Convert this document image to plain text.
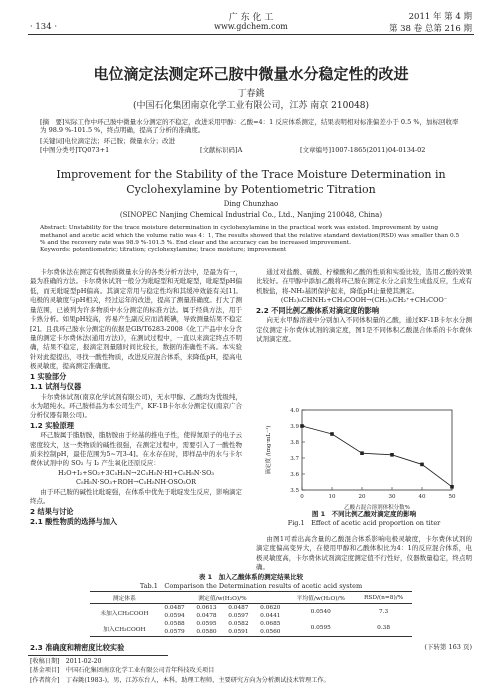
广 东 化 工
www.gdchem.com
· 134 ·
2011 年 第 4 期
第 38 卷 总第 216 期
电位滴定法测定环己胺中微量水分稳定性的改进
丁春銚
(中国石化集团南京化学工业有限公司，江苏 南京 210048)
[摘　要]实际工作中环己胺中微量水分测定的不稳定，改进采用甲醇：乙酸=4：1 反应体系测定，结果表明相对标准偏差小于 0.5 %，加标回收率为 98.9 %-101.5 %，终点明确，提高了分析的准确度。
[关键词]电位滴定法；环己胺；微量水分；改进
[中图分类号]TQ073+1	[文献标识码]A	[文章编号]1007-1865(2011)04-0134-02
Improvement for the Stability of the Trace Moisture Determination in Cyclohexylamine by Potentiometric Titration
Ding Chunzhao
(SINOPEC Nanjing Chemical Industrial Co., Ltd., Nanjing 210048, China)
Abstract: Unstability for the trace moisture determination in cyclohexylamine in the practical work was existed. Improvement by using methanol and acetic acid which the volume ratio was 4：1, The results showed that the relative standard deviation(RSD) was smaller than 0.5 % and the recovery rate was 98.9 %-101.5 %. End clear and the accuracy can be increased improvement.
Keywords: potentiometric; titration; cyclohexylamine; trace moisture; improvement

卡尔费休法在测定有机物质微量水分的各类分析方法中，是最为有一，最为准确的方法。卡尔费休试剂一般分为吡啶型和无吡啶型，吡啶型pH偏低，而无吡啶型pH偏高。其滴定常用与稳定性均和其缓冲效能有关[1]。电极的灵敏度与pH相关，经过运年的改进，提高了测量准确度。打大了测量范围，已被列为许多物质中水分测定的标准方法。属于经典方法，用于卡熟分析。如果pH较高，容易产生副反应而消耗碘，导致测量结果不稳定[2]。且我环己胺水分测定的依据是GB/T6283-2008《化工产品中水分含量的测定卡尔费休法(通用方法)》，在测试过程中，一直以来滴定终点不明确，结果不稳定，报滴定剂量随时间比较长，数据的准确性不高。本实验针对此提提出，寻找一酸性物质，改进反应混合体系，来降低pH，提高电极灵敏度，提高测定准确度。

1 实验部分

1.1 试剂与仪器

卡尔费休试剂(南京化学试剂有限公司)，无水甲醇、乙酸均为优级纯，水为超纯水。环己胺样品为本公司生产，KF-1B卡尔水分测定仪(南京广合分析仪器有限公司)。

1.2 实验原理

环己胺属于脂肪胺，脂肪胺由于烃基的推电子性，使得氮原子的电子云密度较大，这一类物质的碱性很强，在测定过程中，需要引入了一酸性物质来控制pH，最佳范围为5~7[3-4]。在水存在时，即样品中的水与卡尔费休试剂中的 SO₂ 与 I₂ 产生氧化还原反应：

H₂O+I₂+SO₂+3C₅H₅N→2C₅H₅N·HI+C₅H₅N·SO₃

C₅H₅N·SO₃+ROH→C₅H₅NH·OSO₂OR

由于环己胺的碱性比吡啶强，在体系中优先于吡啶发生反应，影响滴定终点。

2 结果与讨论

2.1 酸性物质的选择与加入

通过对盐酸、硫酸、柠檬酸和乙酸的性质和实验比较，选用乙酸的效果比较好。在甲醇中添加乙酸将环己胺在测定水分之前发生成盐反应，生成有机胺盐，将-NH₂基团保护起来，降低pH止量使其测定。

(CH₂)₅CHNH₂+CH₃COOH→(CH₂)₅CH₂⁺+CH₃COO⁻

2.2 不同比例乙酸体系对滴定度的影响

向无水甲醇溶液中分别加入不同体积量的乙酸，通过KF-1B卡尔水分测定仪测定卡尔费休试剂的滴定度，图1是不同体积乙酸混合体系的卡尔费休试剂滴定度。

4.0
3.9
3.8
3.7
3.6
3.5
0	10	20	30	40	50
乙酸占混合溶剂体积分数%
滴定度 /(mg·mL⁻¹)
图 1　不同比例乙酸对滴定度的影响
Fig.1　Effect of acetic acid proportion on titer

由图1可看出高含量的乙酸混合体系影响电极灵敏度，卡尔费休试剂的滴定度偏高变异大，在使用甲醇和乙酸体积比为4：1的反应混合体系，电极灵敏度高，卡尔费休试剂滴定度测定值不行性好，仪器数量稳定，终点明确。

表 1　加入乙酸体系的测定结果比较
Tab.1　Comparison the Determination results of acetic acid system
测定体系	测定值/w(H₂O)/%				平均值/w(H₂O)/%	RSD/(n=8)/%
未加入CH₃COOH	0.0487	0.0613	0.0487	0.0620	0.0540	7.3
	0.0594	0.0478	0.0597	0.0441		
加入CH₃COOH	0.0588	0.0595	0.0582	0.0685	0.0595	0.38
	0.0579	0.0580	0.0591	0.0560		

2.3 准确度和精密度比较实验	(下转第 163 页)
[收稿日期]　2011-02-20
[基金项目]　中国石化集团南京化学工业有限公司青年科技攻关项目
[作者简介]　丁春銚(1983-)，男，江苏东台人，本科，助理工程师，主要研究方向为分析测试技术管理工作。
